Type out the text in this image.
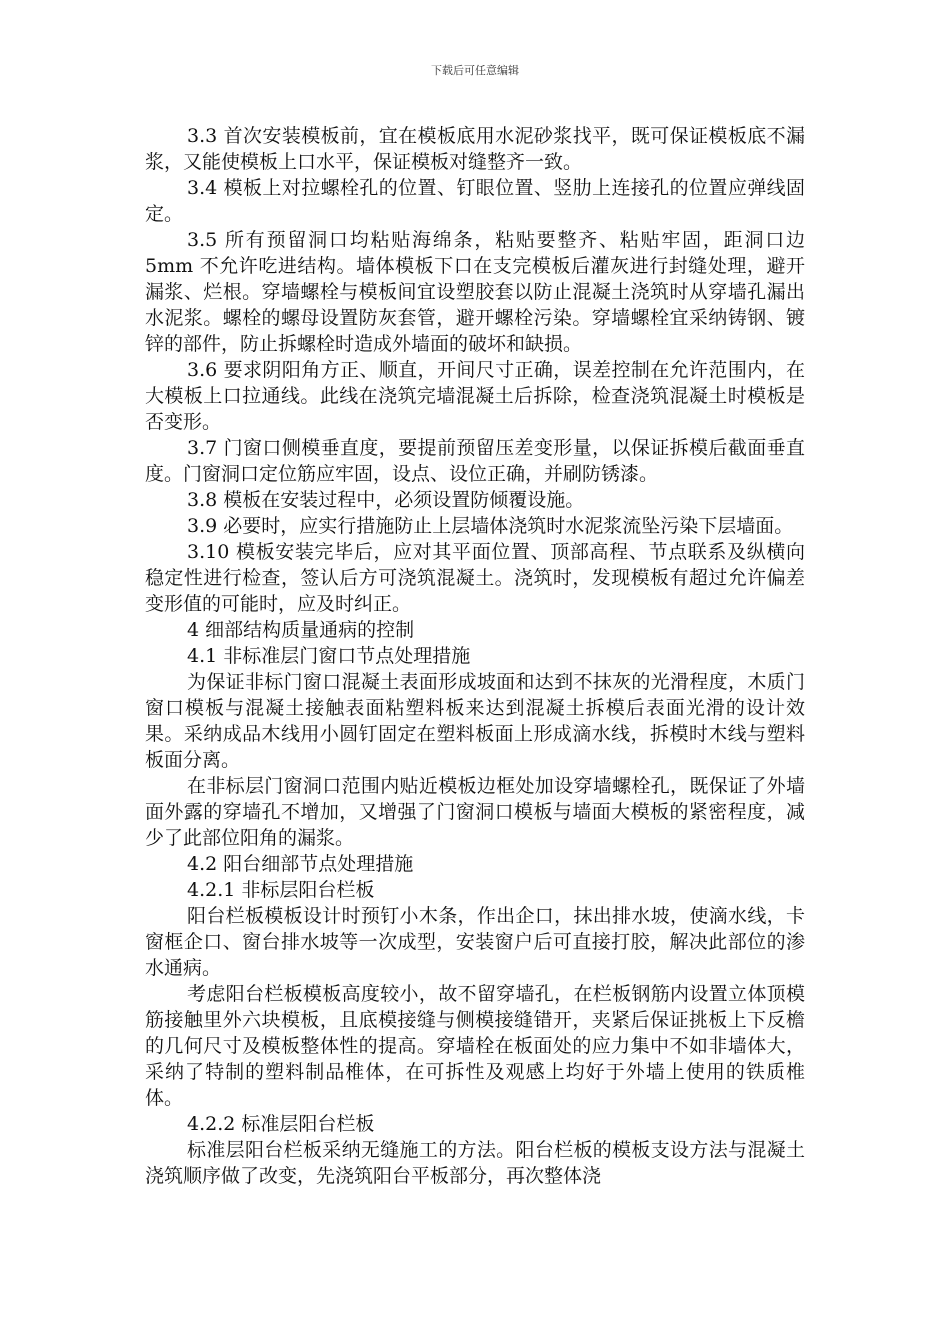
下载后可任意编辑

3.3 首次安装模板前，宜在模板底用水泥砂浆找平，既可保证模板底不漏浆，又能使模板上口水平，保证模板对缝整齐一致。

3.4 模板上对拉螺栓孔的位置、钉眼位置、竖肋上连接孔的位置应弹线固定。

3.5 所有预留洞口均粘贴海绵条，粘贴要整齐、粘贴牢固，距洞口边 5mm 不允许吃进结构。墙体模板下口在支完模板后灌灰进行封缝处理，避开漏浆、烂根。穿墙螺栓与模板间宜设塑胶套以防止混凝土浇筑时从穿墙孔漏出水泥浆。螺栓的螺母设置防灰套管，避开螺栓污染。穿墙螺栓宜采纳铸钢、镀锌的部件，防止拆螺栓时造成外墙面的破坏和缺损。

3.6 要求阴阳角方正、顺直，开间尺寸正确，误差控制在允许范围内，在大模板上口拉通线。此线在浇筑完墙混凝土后拆除，检查浇筑混凝土时模板是否变形。

3.7 门窗口侧模垂直度，要提前预留压差变形量，以保证拆模后截面垂直度。门窗洞口定位筋应牢固，设点、设位正确，并刷防锈漆。

3.8 模板在安装过程中，必须设置防倾覆设施。

3.9 必要时，应实行措施防止上层墙体浇筑时水泥浆流坠污染下层墙面。

3.10 模板安装完毕后，应对其平面位置、顶部高程、节点联系及纵横向稳定性进行检查，签认后方可浇筑混凝土。浇筑时，发现模板有超过允许偏差变形值的可能时，应及时纠正。

4 细部结构质量通病的控制

4.1 非标准层门窗口节点处理措施

为保证非标门窗口混凝土表面形成坡面和达到不抹灰的光滑程度，木质门窗口模板与混凝土接触表面粘塑料板来达到混凝土拆模后表面光滑的设计效果。采纳成品木线用小圆钉固定在塑料板面上形成滴水线，拆模时木线与塑料板面分离。

在非标层门窗洞口范围内贴近模板边框处加设穿墙螺栓孔，既保证了外墙面外露的穿墙孔不增加，又增强了门窗洞口模板与墙面大模板的紧密程度，减少了此部位阳角的漏浆。

4.2 阳台细部节点处理措施

4.2.1 非标层阳台栏板

阳台栏板模板设计时预钉小木条，作出企口，抹出排水坡，使滴水线，卡窗框企口、窗台排水坡等一次成型，安装窗户后可直接打胶，解决此部位的渗水通病。

考虑阳台栏板模板高度较小，故不留穿墙孔，在栏板钢筋内设置立体顶模筋接触里外六块模板，且底模接缝与侧模接缝错开，夹紧后保证挑板上下反檐的几何尺寸及模板整体性的提高。穿墙栓在板面处的应力集中不如非墙体大，采纳了特制的塑料制品椎体，在可拆性及观感上均好于外墙上使用的铁质椎体。

4.2.2 标准层阳台栏板

标准层阳台栏板采纳无缝施工的方法。阳台栏板的模板支设方法与混凝土浇筑顺序做了改变，先浇筑阳台平板部分，再次整体浇
